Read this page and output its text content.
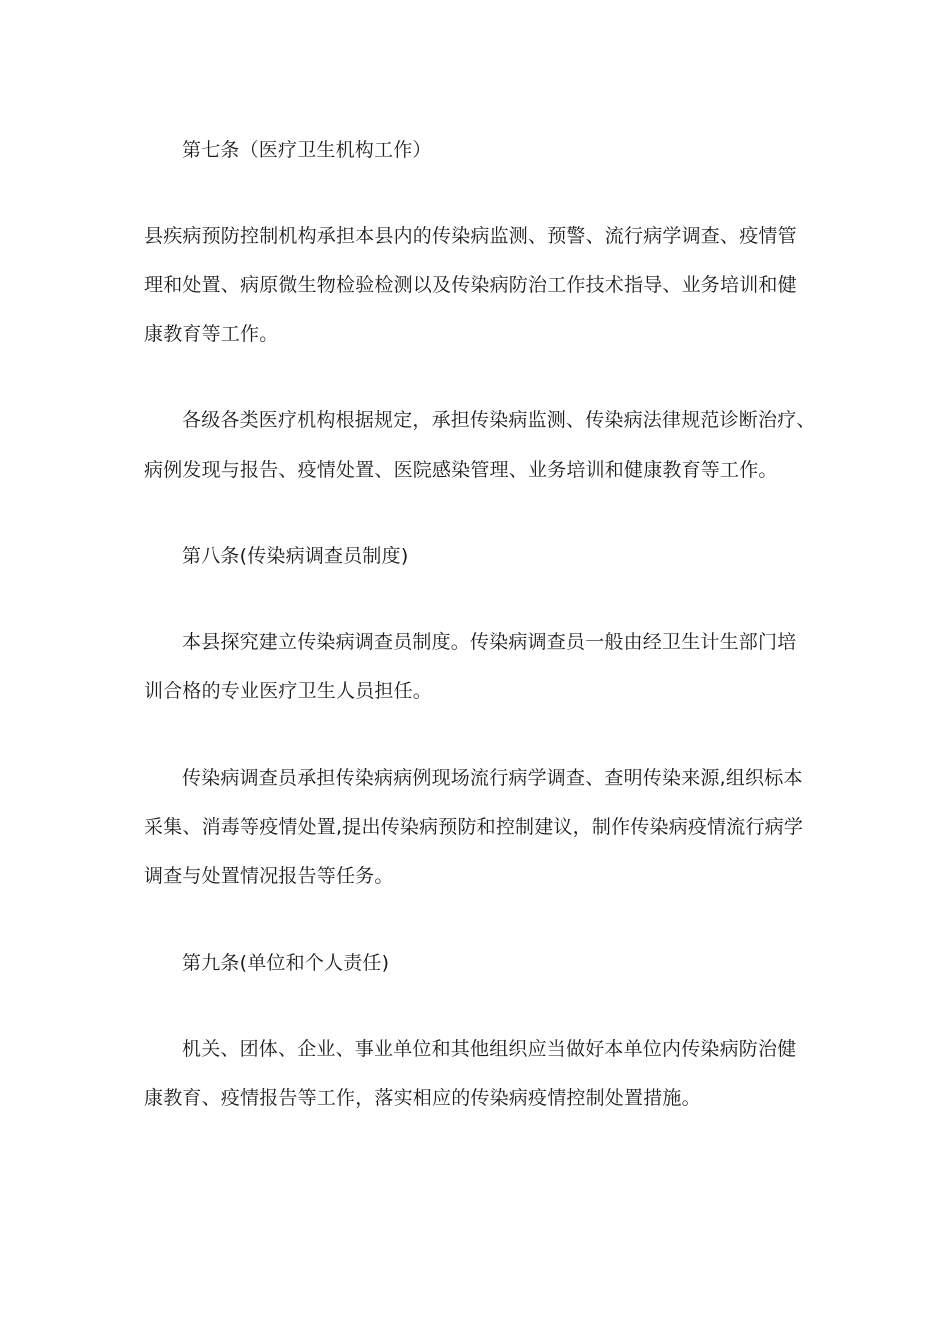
第七条（医疗卫生机构工作）
县疾病预防控制机构承担本县内的传染病监测、预警、流行病学调查、疫情管
理和处置、病原微生物检验检测以及传染病防治工作技术指导、业务培训和健
康教育等工作。
各级各类医疗机构根据规定，承担传染病监测、传染病法律规范诊断治疗、
病例发现与报告、疫情处置、医院感染管理、业务培训和健康教育等工作。
第八条(传染病调查员制度)
本县探究建立传染病调查员制度。传染病调查员一般由经卫生计生部门培
训合格的专业医疗卫生人员担任。
传染病调查员承担传染病病例现场流行病学调查、查明传染来源,组织标本
采集、消毒等疫情处置,提出传染病预防和控制建议，制作传染病疫情流行病学
调查与处置情况报告等任务。
第九条(单位和个人责任)
机关、团体、企业、事业单位和其他组织应当做好本单位内传染病防治健
康教育、疫情报告等工作，落实相应的传染病疫情控制处置措施。
